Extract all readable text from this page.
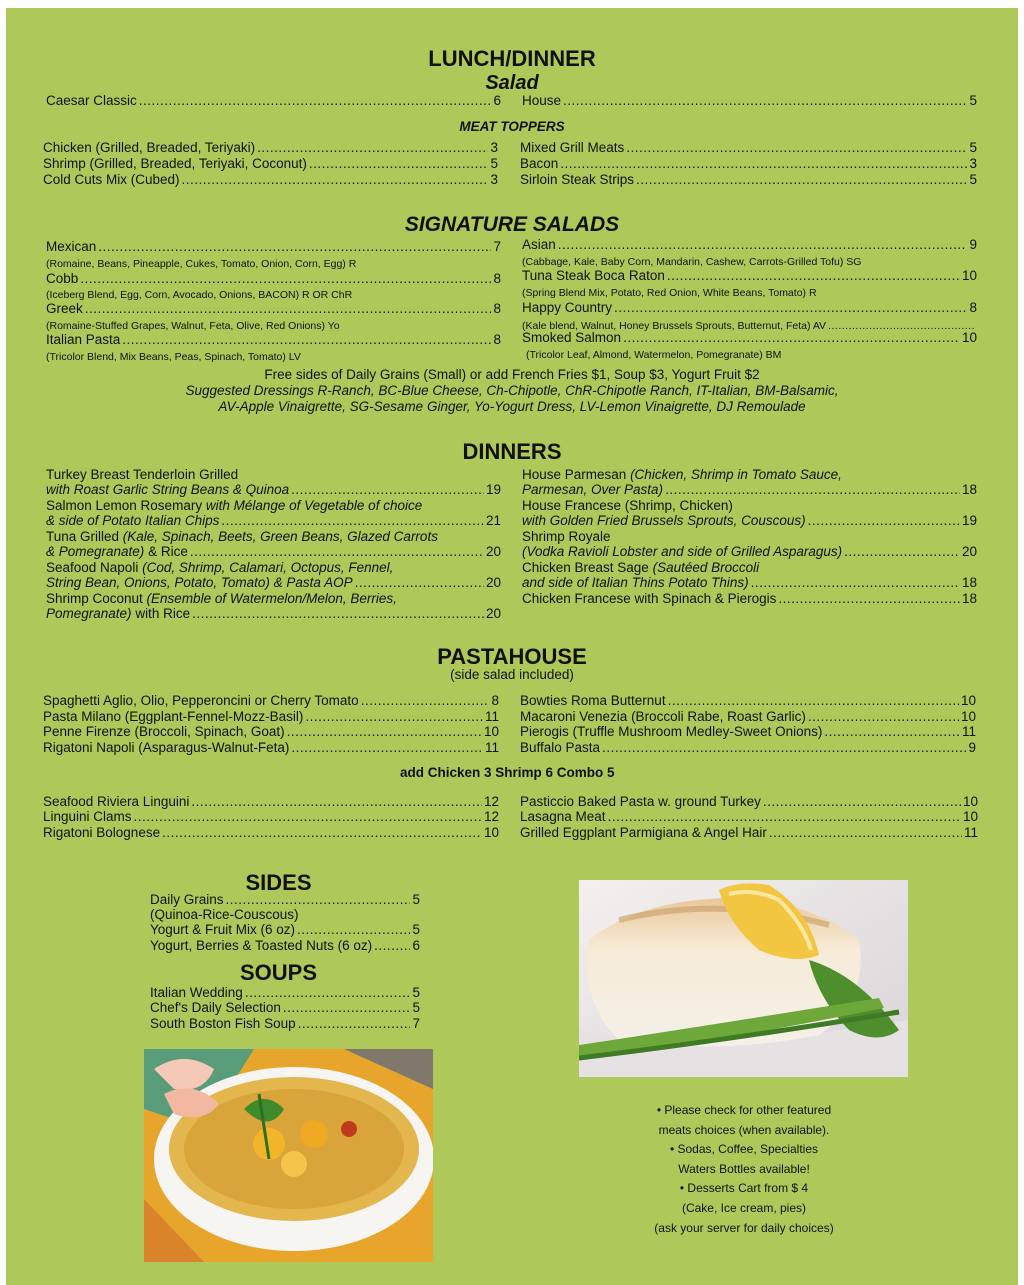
LUNCH/DINNER
Salad
Caesar Classic .....	6 House .....	5
MEAT TOPPERS
Chicken (Grilled, Breaded, Teriyaki) .....	3
Shrimp (Grilled, Breaded, Teriyaki, Coconut) .....	5
Cold Cuts Mix (Cubed) .....	3
Mixed Grill Meats .....	5
Bacon .....	3
Sirloin Steak Strips .....	5
SIGNATURE SALADS
Mexican .....	7
(Romaine, Beans, Pineapple, Cukes, Tomato, Onion, Corn, Egg) R
Cobb .....	8
(Iceberg Blend, Egg, Corn, Avocado, Onions, BACON) R OR ChR
Greek .....	8
(Romaine-Stuffed Grapes, Walnut, Feta, Olive, Red Onions) Yo
Italian Pasta .....	8
(Tricolor Blend, Mix Beans, Peas, Spinach, Tomato) LV
Asian .....	9
(Cabbage, Kale, Baby Corn, Mandarin, Cashew, Carrots-Grilled Tofu) SG
Tuna Steak Boca Raton .....	10
(Spring Blend Mix, Potato, Red Onion, White Beans, Tomato) R
Happy Country .....	8
(Kale blend, Walnut, Honey Brussels Sprouts, Butternut, Feta) AV
.....
Smoked Salmon .....	10
(Tricolor Leaf, Almond, Watermelon, Pomegranate) BM
Free sides of Daily Grains (Small) or add French Fries $1, Soup $3, Yogurt Fruit $2
Suggested Dressings R-Ranch, BC-Blue Cheese, Ch-Chipotle, ChR-Chipotle Ranch, IT-Italian, BM-Balsamic,
AV-Apple Vinaigrette, SG-Sesame Ginger, Yo-Yogurt Dress, LV-Lemon Vinaigrette, DJ Remoulade
DINNERS
Turkey Breast Tenderloin Grilled
with Roast Garlic String Beans & Quinoa .....	19
Salmon Lemon Rosemary with Mélange of Vegetable of choice
& side of Potato Italian Chips .....	21
Tuna Grilled (Kale, Spinach, Beets, Green Beans, Glazed Carrots
& Pomegranate) & Rice .....	20
Seafood Napoli (Cod, Shrimp, Calamari, Octopus, Fennel,
String Bean, Onions, Potato, Tomato) & Pasta AOP .....	20
Shrimp Coconut (Ensemble of Watermelon/Melon, Berries,
Pomegranate) with Rice .....	20
House Parmesan (Chicken, Shrimp in Tomato Sauce,
Parmesan, Over Pasta) .....	18
House Francese (Shrimp, Chicken)
with Golden Fried Brussels Sprouts, Couscous) .....	19
Shrimp Royale
(Vodka Ravioli Lobster and side of Grilled Asparagus) .....	20
Chicken Breast Sage (Sautéed Broccoli
and side of Italian Thins Potato Thins) .....	18
Chicken Francese with Spinach & Pierogis .....	18
PASTAHOUSE
(side salad included)
Spaghetti Aglio, Olio, Pepperoncini or Cherry Tomato .....	8
Pasta Milano (Eggplant-Fennel-Mozz-Basil) .....	11
Penne Firenze (Broccoli, Spinach, Goat) .....	10
Rigatoni Napoli (Asparagus-Walnut-Feta) .....	11
Bowties Roma Butternut .....	10
Macaroni Venezia (Broccoli Rabe, Roast Garlic) .....	10
Pierogis (Truffle Mushroom Medley-Sweet Onions) .....	11
Buffalo Pasta .....	9
add Chicken 3 Shrimp 6 Combo 5
Seafood Riviera Linguini .....	12
Linguini Clams .....	12
Rigatoni Bolognese .....	10
Pasticcio Baked Pasta w. ground Turkey .....	10
Lasagna Meat .....	10
Grilled Eggplant Parmigiana & Angel Hair .....	11
SIDES
Daily Grains .....	5
(Quinoa-Rice-Couscous)
Yogurt & Fruit Mix (6 oz) .....	5
Yogurt, Berries & Toasted Nuts (6 oz) .....	6
SOUPS
Italian Wedding .....	5
Chef's Daily Selection .....	5
South Boston Fish Soup .....	7
• Please check for other featured
meats choices (when available).
• Sodas, Coffee, Specialties
Waters Bottles available!
• Desserts Cart from $ 4
(Cake, Ice cream, pies)
(ask your server for daily choices)
